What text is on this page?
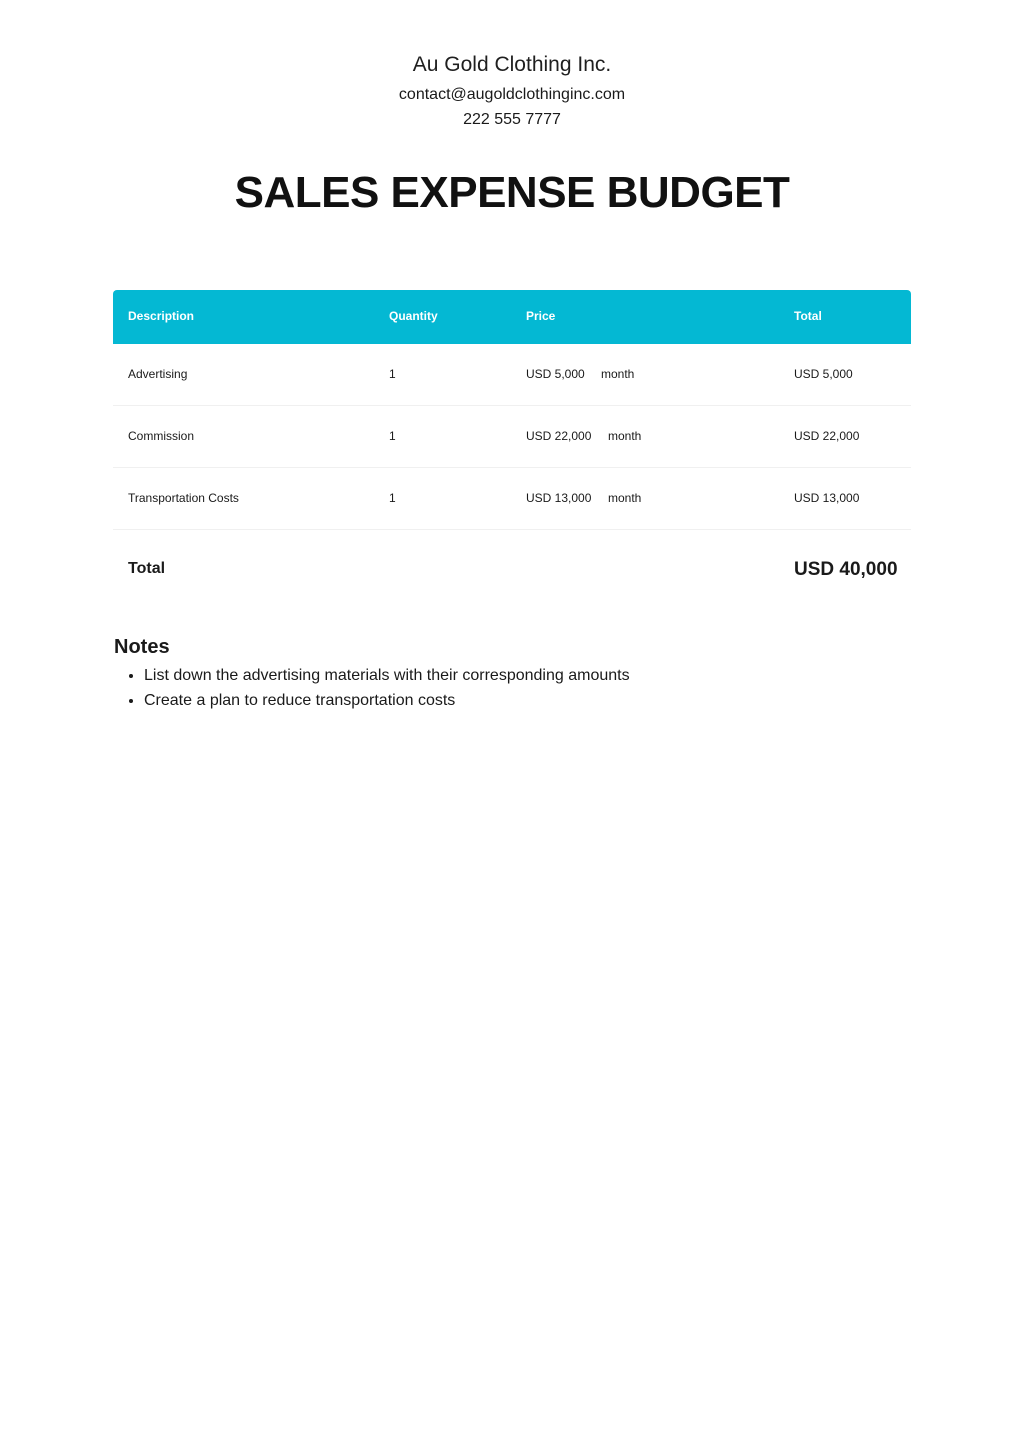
Au Gold Clothing Inc.
contact@augoldclothinginc.com
222 555 7777
SALES EXPENSE BUDGET
Description	Quantity	Price	Total
Advertising	1	USD 5,000 month	USD 5,000
Commission	1	USD 22,000 month	USD 22,000
Transportation Costs	1	USD 13,000 month	USD 13,000
Total	USD 40,000
Notes
• List down the advertising materials with their corresponding amounts
• Create a plan to reduce transportation costs
